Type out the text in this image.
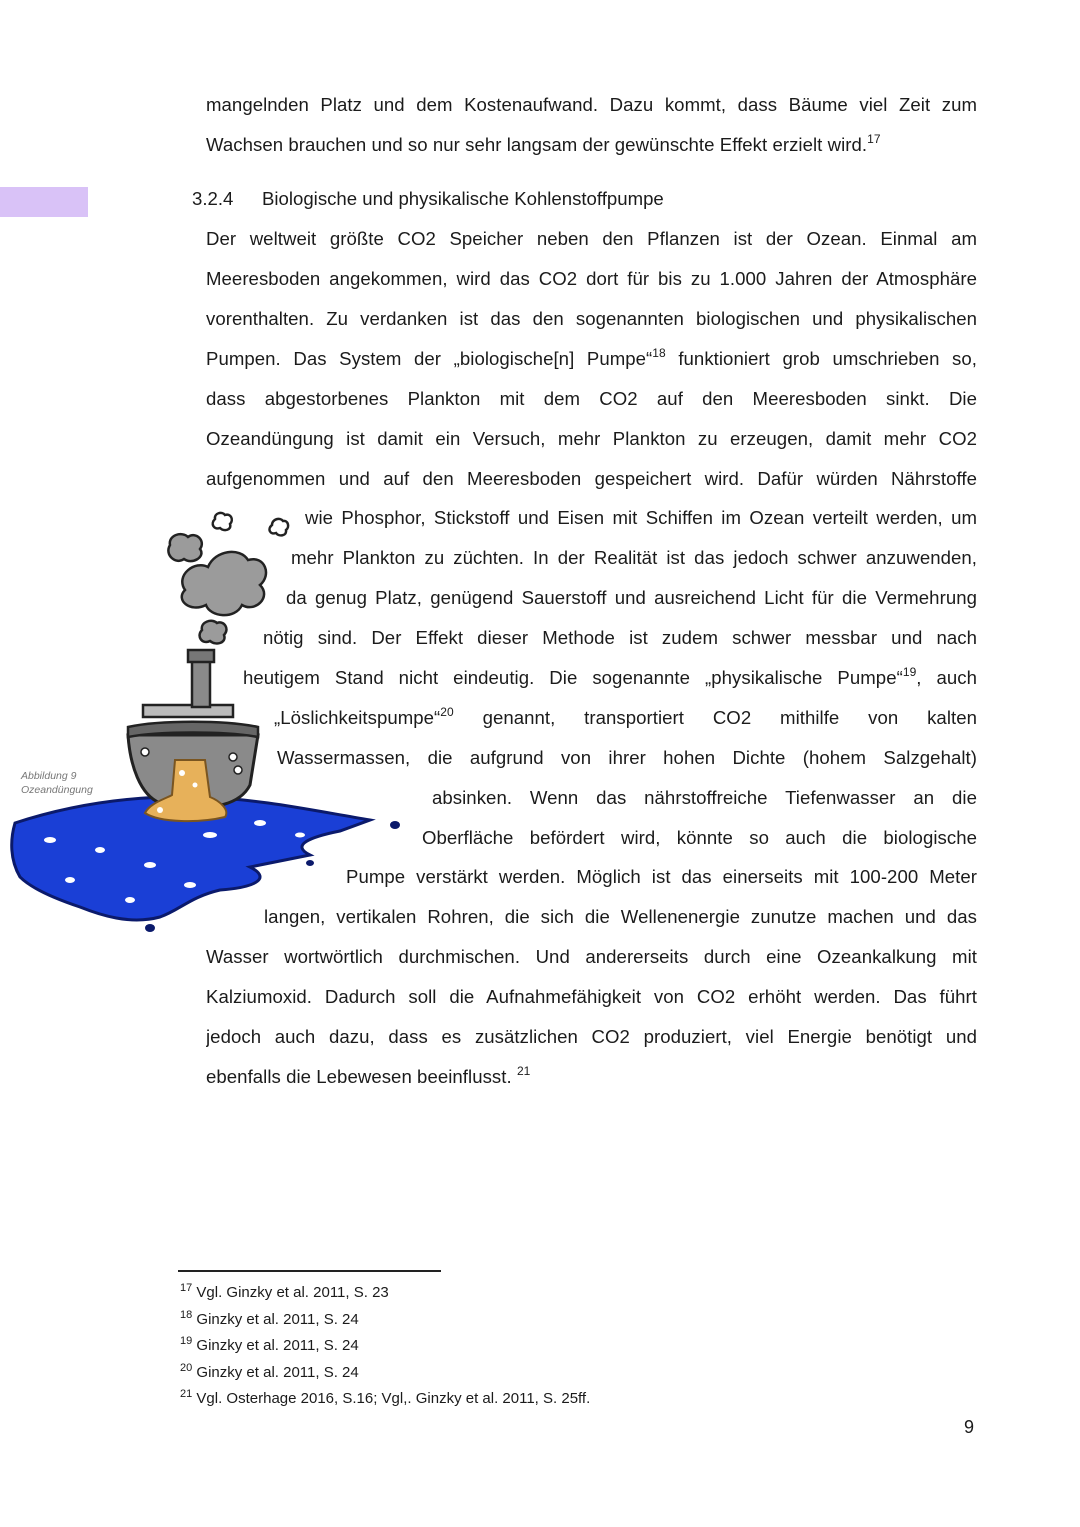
mangelnden Platz und dem Kostenaufwand. Dazu kommt, dass Bäume viel Zeit zum
Wachsen brauchen und so nur sehr langsam der gewünschte Effekt erzielt wird.$^{17}$
3.2.4 Biologische und physikalische Kohlenstoffpumpe
Der weltweit größte CO2 Speicher neben den Pflanzen ist der Ozean. Einmal am
Meeresboden angekommen, wird das CO2 dort für bis zu 1.000 Jahren der Atmosphäre
vorenthalten. Zu verdanken ist das den sogenannten biologischen und physikalischen
Pumpen. Das System der „biologische[n] Pumpe“$^{18}$ funktioniert grob umschrieben so,
dass abgestorbenes Plankton mit dem CO2 auf den Meeresboden sinkt. Die
Ozeandüngung ist damit ein Versuch, mehr Plankton zu erzeugen, damit mehr CO2
aufgenommen und auf den Meeresboden gespeichert wird. Dafür würden Nährstoffe
wie Phosphor, Stickstoff und Eisen mit Schiffen im Ozean verteilt werden, um
mehr Plankton zu züchten. In der Realität ist das jedoch schwer anzuwenden,
da genug Platz, genügend Sauerstoff und ausreichend Licht für die Vermehrung
nötig sind. Der Effekt dieser Methode ist zudem schwer messbar und nach
heutigem Stand nicht eindeutig. Die sogenannte „physikalische Pumpe“$^{19}$, auch
„Löslichkeitspumpe“$^{20}$ genannt, transportiert CO2 mithilfe von kalten
Wassermassen, die aufgrund von ihrer hohen Dichte (hohem Salzgehalt)
absinken. Wenn das nährstoffreiche Tiefenwasser an die
Oberfläche befördert wird, könnte so auch die biologische
Pumpe verstärkt werden. Möglich ist das einerseits mit 100-200 Meter
langen, vertikalen Rohren, die sich die Wellenenergie zunutze machen und das
Wasser wortwörtlich durchmischen. Und andererseits durch eine Ozeankalkung mit
Kalziumoxid. Dadurch soll die Aufnahmefähigkeit von CO2 erhöht werden. Das führt
jedoch auch dazu, dass es zusätzlichen CO2 produziert, viel Energie benötigt und
ebenfalls die Lebewesen beeinflusst. $^{21}$
Abbildung 9
Ozeandüngung
$^{17}$ Vgl. Ginzky et al. 2011, S. 23
$^{18}$ Ginzky et al. 2011, S. 24
$^{19}$ Ginzky et al. 2011, S. 24
$^{20}$ Ginzky et al. 2011, S. 24
$^{21}$ Vgl. Osterhage 2016, S.16; Vgl,. Ginzky et al. 2011, S. 25ff.
9
